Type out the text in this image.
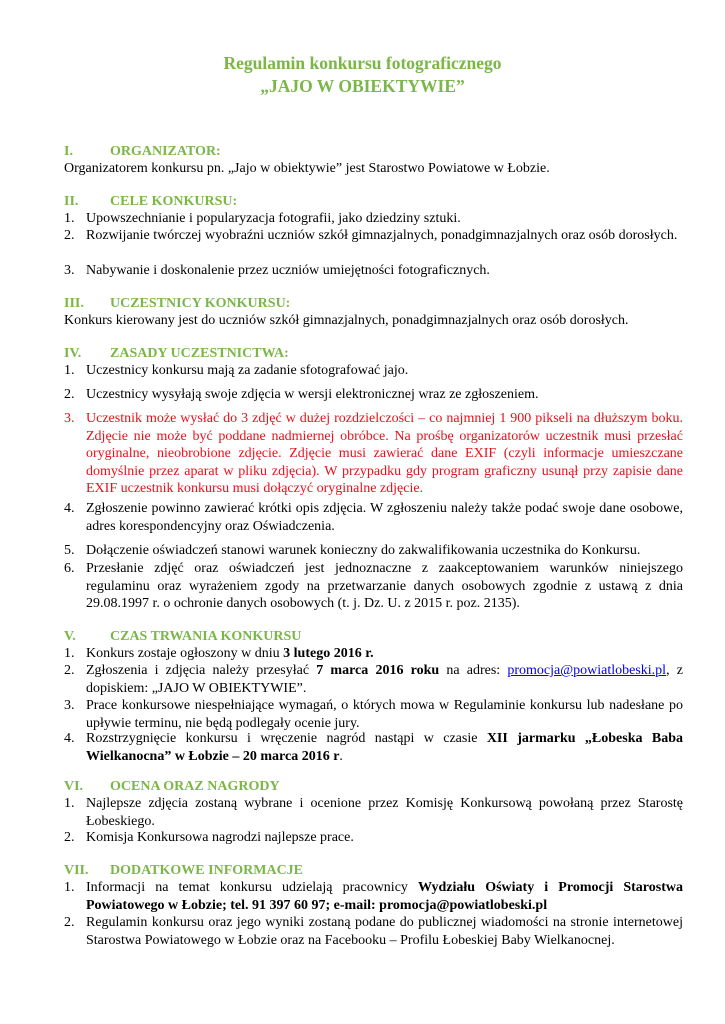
Regulamin konkursu fotograficznego
„JAJO W OBIEKTYWIE”
I.	ORGANIZATOR:
Organizatorem konkursu pn. „Jajo w obiektywie” jest Starostwo Powiatowe w Łobzie.
II. CELE KONKURSU:
1. Upowszechnianie i popularyzacja fotografii, jako dziedziny sztuki.
2. Rozwijanie twórczej wyobraźni uczniów szkół gimnazjalnych, ponadgimnazjalnych oraz osób dorosłych.
3. Nabywanie i doskonalenie przez uczniów umiejętności fotograficznych.
III. UCZESTNICY KONKURSU:
Konkurs kierowany jest do uczniów szkół gimnazjalnych, ponadgimnazjalnych oraz osób dorosłych.
IV. ZASADY UCZESTNICTWA:
1. Uczestnicy konkursu mają za zadanie sfotografować jajo.
2. Uczestnicy wysyłają swoje zdjęcia w wersji elektronicznej wraz ze zgłoszeniem.
3. Uczestnik może wysłać do 3 zdjęć w dużej rozdzielczości – co najmniej 1 900 pikseli na dłuższym boku. Zdjęcie nie może być poddane nadmiernej obróbce. Na prośbę organizatorów uczestnik musi przesłać oryginalne, nieobrobione zdjęcie. Zdjęcie musi zawierać dane EXIF (czyli informacje umieszczane domyślnie przez aparat w pliku zdjęcia). W przypadku gdy program graficzny usunął przy zapisie dane EXIF uczestnik konkursu musi dołączyć oryginalne zdjęcie.
4. Zgłoszenie powinno zawierać krótki opis zdjęcia. W zgłoszeniu należy także podać swoje dane osobowe, adres korespondencyjny oraz Oświadczenia.
5. Dołączenie oświadczeń stanowi warunek konieczny do zakwalifikowania uczestnika do Konkursu.
6. Przesłanie zdjęć oraz oświadczeń jest jednoznaczne z zaakceptowaniem warunków niniejszego regulaminu oraz wyrażeniem zgody na przetwarzanie danych osobowych zgodnie z ustawą z dnia 29.08.1997 r. o ochronie danych osobowych (t. j. Dz. U. z 2015 r. poz. 2135).
V. CZAS TRWANIA KONKURSU
1. Konkurs zostaje ogłoszony w dniu 3 lutego 2016 r.
2. Zgłoszenia i zdjęcia należy przesyłać 7 marca 2016 roku na adres: promocja@powiatlobeski.pl, z dopiskiem: „JAJO W OBIEKTYWIE”.
3. Prace konkursowe niespełniające wymagań, o których mowa w Regulaminie konkursu lub nadesłane po upływie terminu, nie będą podlegały ocenie jury.
4. Rozstrzygnięcie konkursu i wręczenie nagród nastąpi w czasie XII jarmarku „Łobeska Baba Wielkanocna” w Łobzie – 20 marca 2016 r.
VI. OCENA ORAZ NAGRODY
1. Najlepsze zdjęcia zostaną wybrane i ocenione przez Komisję Konkursową powołaną przez Starostę Łobeskiego.
2. Komisja Konkursowa nagrodzi najlepsze prace.
VII. DODATKOWE INFORMACJE
1. Informacji na temat konkursu udzielają pracownicy Wydziału Oświaty i Promocji Starostwa Powiatowego w Łobzie; tel. 91 397 60 97; e-mail: promocja@powiatlobeski.pl
2. Regulamin konkursu oraz jego wyniki zostaną podane do publicznej wiadomości na stronie internetowej Starostwa Powiatowego w Łobzie oraz na Facebooku – Profilu Łobeskiej Baby Wielkanocnej.
